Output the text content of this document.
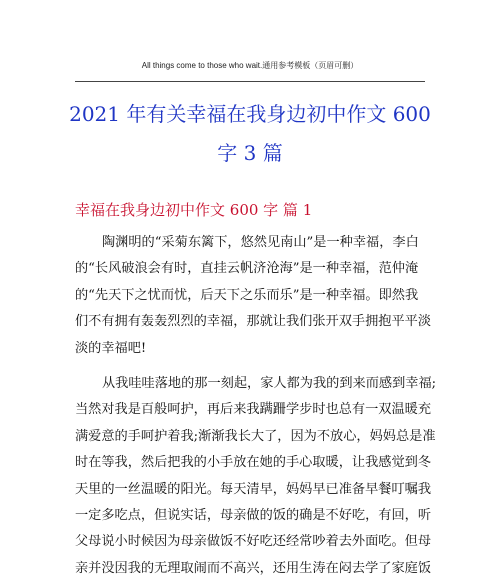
All things come to those who wait.通用参考模板（页眉可删）
2021 年有关幸福在我身边初中作文 600
字 3 篇
幸福在我身边初中作文 600 字 篇 1
陶渊明的“采菊东篱下，悠然见南山”是一种幸福，李白
的“长风破浪会有时，直挂云帆济沧海”是一种幸福，范仲淹
的“先天下之忧而忧，后天下之乐而乐”是一种幸福。即然我
们不有拥有轰轰烈烈的幸福，那就让我们张开双手拥抱平平淡
淡的幸福吧!
从我哇哇落地的那一刻起，家人都为我的到来而感到幸福;
当然对我是百般呵护，再后来我蹒跚学步时也总有一双温暖充
满爱意的手呵护着我;渐渐我长大了，因为不放心，妈妈总是准
时在等我，然后把我的小手放在她的手心取暖，让我感觉到冬
天里的一丝温暖的阳光。每天清早，妈妈早已准备早餐叮嘱我
一定多吃点，但说实话，母亲做的饭的确是不好吃，有回，听
父母说小时候因为母亲做饭不好吃还经常吵着去外面吃。但母
亲并没因我的无理取闹而不高兴，还用生涛在闷去学了家庭饭
